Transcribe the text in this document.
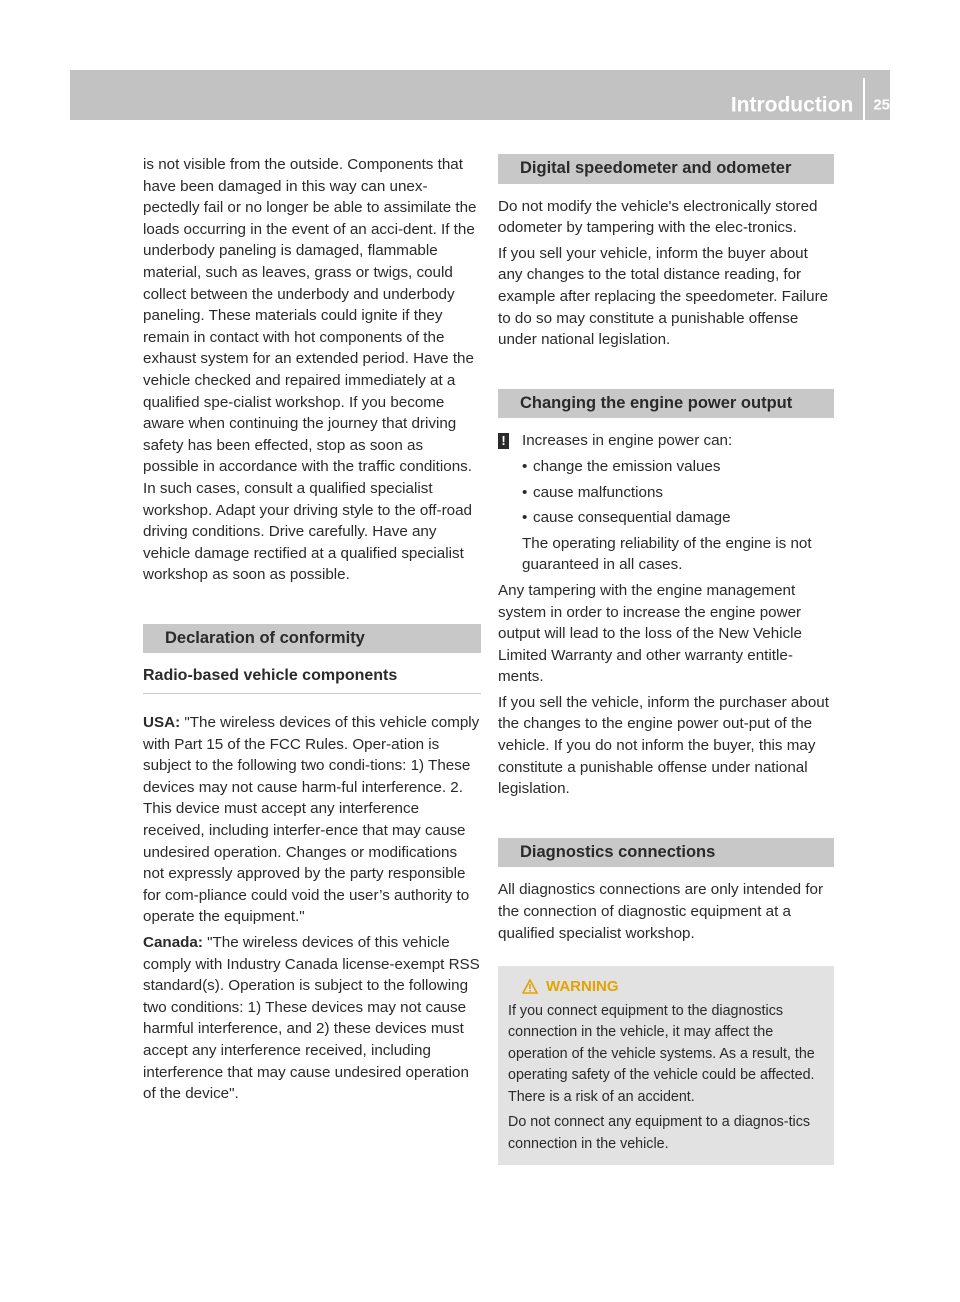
Introduction 25

is not visible from the outside. Components that have been damaged in this way can unex-pectedly fail or no longer be able to assimilate the loads occurring in the event of an acci-dent. If the underbody paneling is damaged, flammable material, such as leaves, grass or twigs, could collect between the underbody and underbody paneling. These materials could ignite if they remain in contact with hot components of the exhaust system for an extended period. Have the vehicle checked and repaired immediately at a qualified spe-cialist workshop. If you become aware when continuing the journey that driving safety has been effected, stop as soon as possible in accordance with the traffic conditions. In such cases, consult a qualified specialist workshop. Adapt your driving style to the off-road driving conditions. Drive carefully. Have any vehicle damage rectified at a qualified specialist workshop as soon as possible.

Declaration of conformity
Radio-based vehicle components

USA: "The wireless devices of this vehicle comply with Part 15 of the FCC Rules. Oper-ation is subject to the following two condi-tions: 1) These devices may not cause harm-ful interference. 2. This device must accept any interference received, including interfer-ence that may cause undesired operation. Changes or modifications not expressly approved by the party responsible for com-pliance could void the user’s authority to operate the equipment."

Canada: "The wireless devices of this vehicle comply with Industry Canada license-exempt RSS standard(s). Operation is subject to the following two conditions: 1) These devices may not cause harmful interference, and 2) these devices must accept any interference received, including interference that may cause undesired operation of the device".

Digital speedometer and odometer

Do not modify the vehicle's electronically stored odometer by tampering with the elec-tronics.

If you sell your vehicle, inform the buyer about any changes to the total distance reading, for example after replacing the speedometer. Failure to do so may constitute a punishable offense under national legislation.

Changing the engine power output
! Increases in engine power can:
• change the emission values
• cause malfunctions
• cause consequential damage

The operating reliability of the engine is not guaranteed in all cases.

Any tampering with the engine management system in order to increase the engine power output will lead to the loss of the New Vehicle Limited Warranty and other warranty entitle-ments.

If you sell the vehicle, inform the purchaser about the changes to the engine power out-put of the vehicle. If you do not inform the buyer, this may constitute a punishable offense under national legislation.

Diagnostics connections

All diagnostics connections are only intended for the connection of diagnostic equipment at a qualified specialist workshop.

WARNING

If you connect equipment to the diagnostics connection in the vehicle, it may affect the operation of the vehicle systems. As a result, the operating safety of the vehicle could be affected. There is a risk of an accident.

Do not connect any equipment to a diagnos-tics connection in the vehicle.
